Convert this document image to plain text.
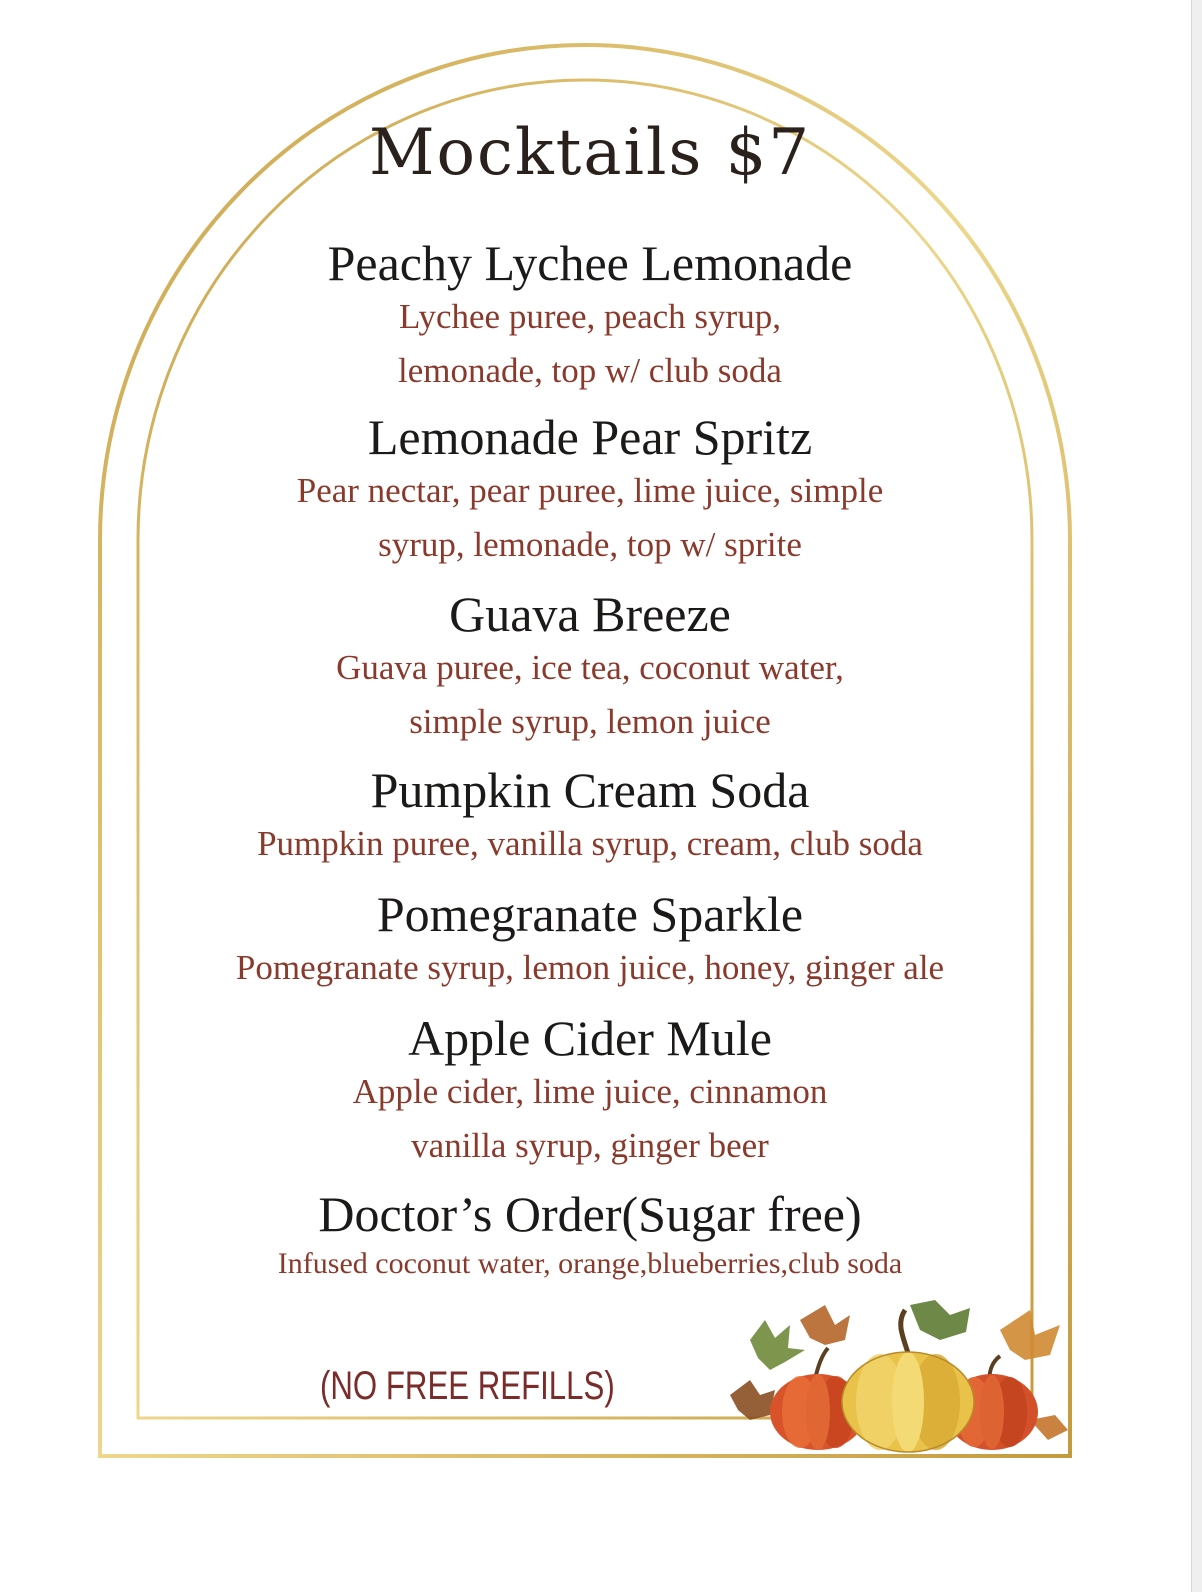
Mocktails $7
Peachy Lychee Lemonade
Lychee puree, peach syrup,
lemonade, top w/ club soda
Lemonade Pear Spritz
Pear nectar, pear puree, lime juice, simple
syrup, lemonade, top w/ sprite
Guava Breeze
Guava puree, ice tea, coconut water,
simple syrup, lemon juice
Pumpkin Cream Soda
Pumpkin puree, vanilla syrup, cream, club soda
Pomegranate Sparkle
Pomegranate syrup, lemon juice, honey, ginger ale
Apple Cider Mule
Apple cider, lime juice, cinnamon
vanilla syrup, ginger beer
Doctor’s Order(Sugar free)
Infused coconut water, orange,blueberries,club soda
(NO FREE REFILLS)
